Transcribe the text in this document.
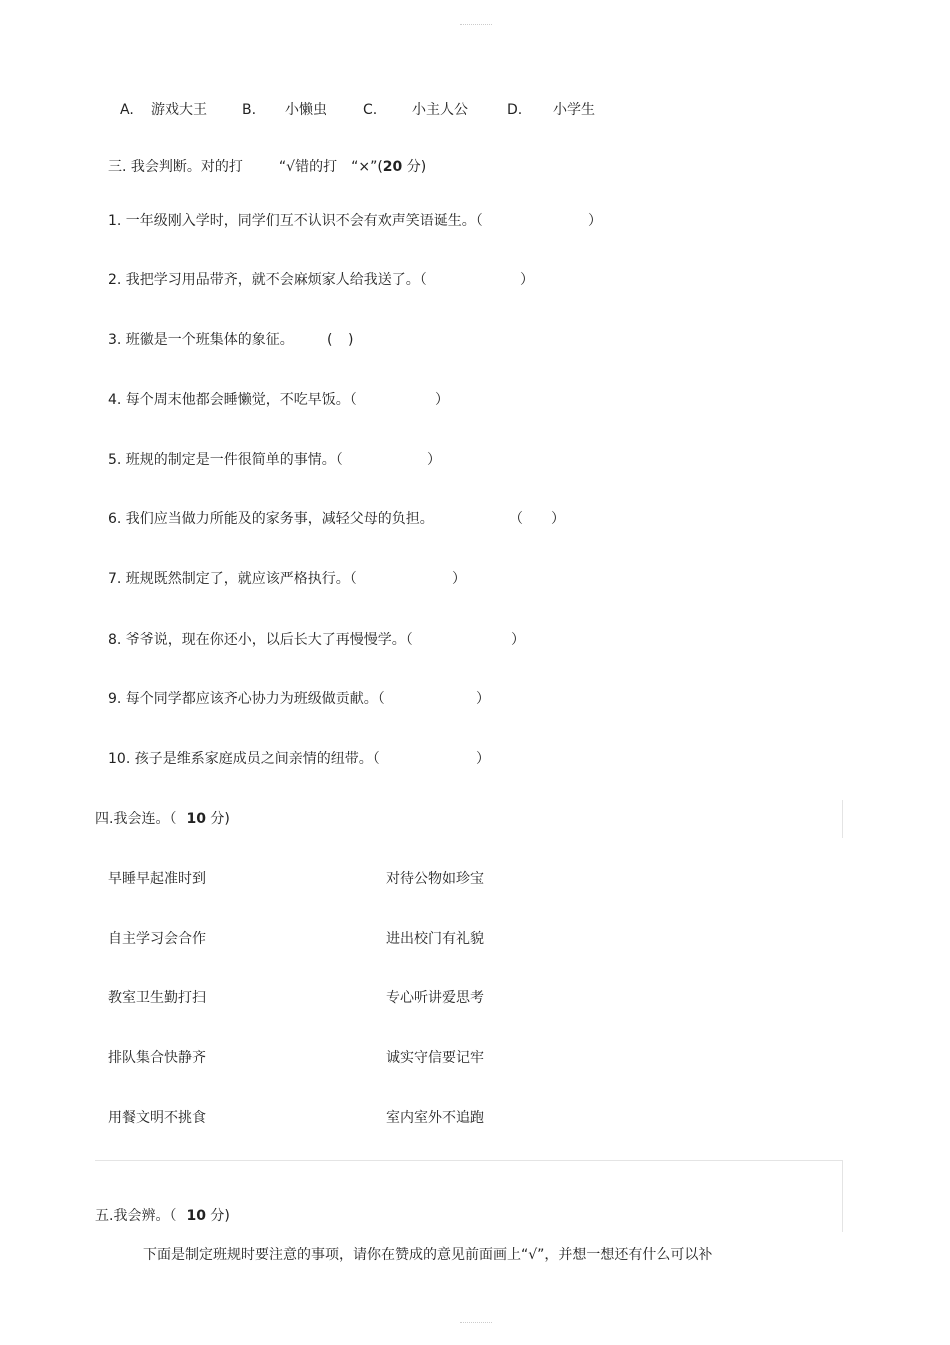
A. 游戏大王	B. 小懒虫	C. 小主人公	D. 小学生
三. 我会判断。对的打	“√错的打 “×”(20 分)
1. 一年级刚入学时，同学们互不认识不会有欢声笑语诞生。（	）
2. 我把学习用品带齐，就不会麻烦家人给我送了。（	）
3. 班徽是一个班集体的象征。 ( )
4. 每个周末他都会睡懒觉，不吃早饭。（	）
5. 班规的制定是一件很简单的事情。（	）
6. 我们应当做力所能及的家务事，减轻父母的负担。	（ ）
7. 班规既然制定了，就应该严格执行。（	）
8. 爷爷说，现在你还小，以后长大了再慢慢学。（	）
9. 每个同学都应该齐心协力为班级做贡献。（	）
10. 孩子是维系家庭成员之间亲情的纽带。（	）
四.我会连。（ 10 分)
早睡早起准时到	对待公物如珍宝
自主学习会合作	进出校门有礼貌
教室卫生勤打扫	专心听讲爱思考
排队集合快静齐	诚实守信要记牢
用餐文明不挑食	室内室外不追跑
五.我会辨。（ 10 分)
下面是制定班规时要注意的事项，请你在赞成的意见前面画上“√”，并想一想还有什么可以补
